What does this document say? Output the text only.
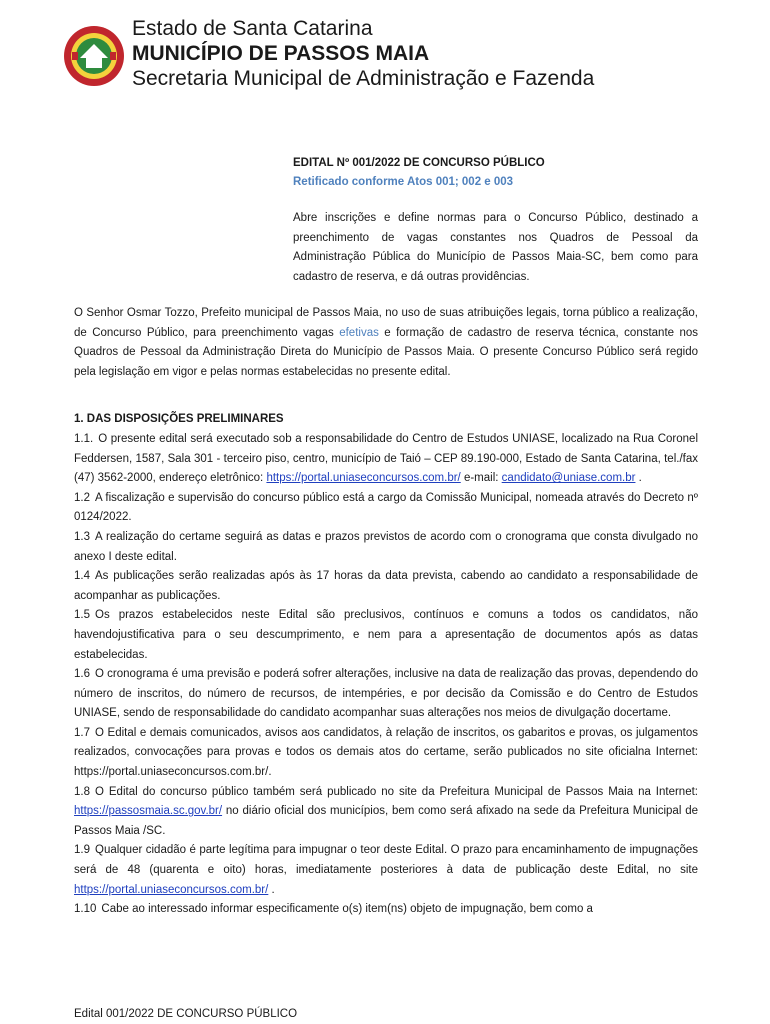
Estado de Santa Catarina
MUNICÍPIO DE PASSOS MAIA
Secretaria Municipal de Administração e Fazenda
EDITAL Nº 001/2022 DE CONCURSO PÚBLICO
Retificado conforme Atos 001; 002 e 003
Abre inscrições e define normas para o Concurso Público, destinado a preenchimento de vagas constantes nos Quadros de Pessoal da Administração Pública do Município de Passos Maia-SC, bem como para cadastro de reserva, e dá outras providências.

O Senhor Osmar Tozzo, Prefeito municipal de Passos Maia, no uso de suas atribuições legais, torna público a realização, de Concurso Público, para preenchimento vagas efetivas e formação de cadastro de reserva técnica, constante nos Quadros de Pessoal da Administração Direta do Município de Passos Maia. O presente Concurso Público será regido pela legislação em vigor e pelas normas estabelecidas no presente edital.

1. DAS DISPOSIÇÕES PRELIMINARES

1.1. O presente edital será executado sob a responsabilidade do Centro de Estudos UNIASE, localizado na Rua Coronel Feddersen, 1587, Sala 301 - terceiro piso, centro, município de Taió – CEP 89.190-000, Estado de Santa Catarina, tel./fax (47) 3562-2000, endereço eletrônico: https://portal.uniaseconcursos.com.br/ e-mail: candidato@uniase.com.br .

1.2 A fiscalização e supervisão do concurso público está a cargo da Comissão Municipal, nomeada através do Decreto nº 0124/2022.

1.3 A realização do certame seguirá as datas e prazos previstos de acordo com o cronograma que consta divulgado no anexo I deste edital.

1.4 As publicações serão realizadas após às 17 horas da data prevista, cabendo ao candidato a responsabilidade de acompanhar as publicações.

1.5 Os prazos estabelecidos neste Edital são preclusivos, contínuos e comuns a todos os candidatos, não havendojustificativa para o seu descumprimento, e nem para a apresentação de documentos após as datas estabelecidas.

1.6 O cronograma é uma previsão e poderá sofrer alterações, inclusive na data de realização das provas, dependendo do número de inscritos, do número de recursos, de intempéries, e por decisão da Comissão e do Centro de Estudos UNIASE, sendo de responsabilidade do candidato acompanhar suas alterações nos meios de divulgação docertame.

1.7 O Edital e demais comunicados, avisos aos candidatos, à relação de inscritos, os gabaritos e provas, os julgamentos realizados, convocações para provas e todos os demais atos do certame, serão publicados no site oficialna Internet: https://portal.uniaseconcursos.com.br/.

1.8 O Edital do concurso público também será publicado no site da Prefeitura Municipal de Passos Maia na Internet: https://passosmaia.sc.gov.br/ no diário oficial dos municípios, bem como será afixado na sede da Prefeitura Municipal de Passos Maia /SC.

1.9 Qualquer cidadão é parte legítima para impugnar o teor deste Edital. O prazo para encaminhamento de impugnações será de 48 (quarenta e oito) horas, imediatamente posteriores à data de publicação deste Edital, no site https://portal.uniaseconcursos.com.br/ .

1.10 Cabe ao interessado informar especificamente o(s) item(ns) objeto de impugnação, bem como a

Edital 001/2022 DE CONCURSO PÚBLICO
